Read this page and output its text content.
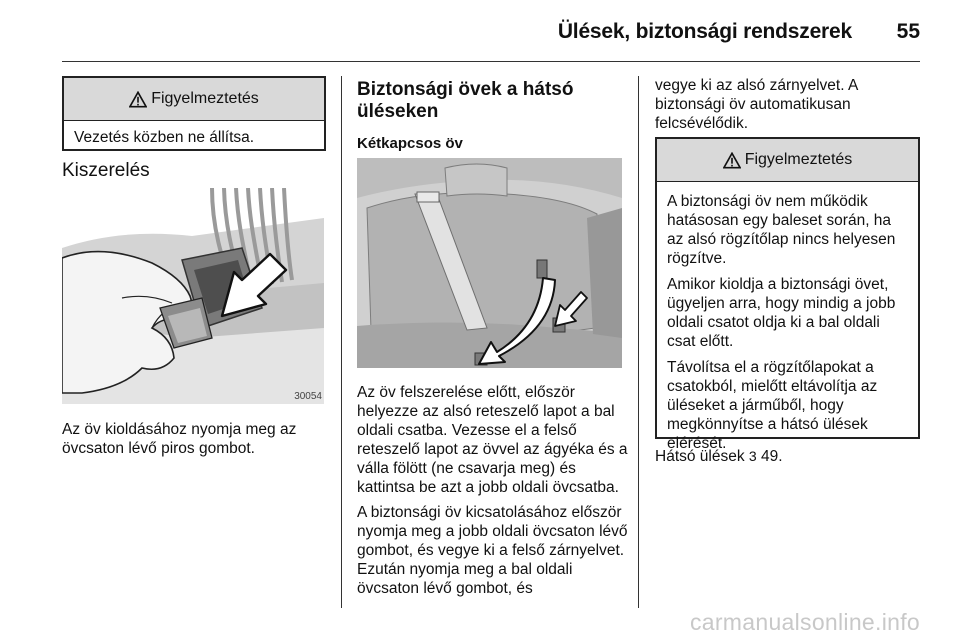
Ülések, biztonsági rendszerek 55
Figyelmeztetés
Vezetés közben ne állítsa.
Kiszerelés
30054
Az öv kioldásához nyomja meg az övcsaton lévő piros gombot.
Biztonsági övek a hátsó üléseken
Kétkapcsos öv

Az öv felszerelése előtt, először helyezze az alsó reteszelő lapot a bal oldali csatba. Vezesse el a felső reteszelő lapot az övvel az ágyéka és a válla fölött (ne csavarja meg) és kattintsa be azt a jobb oldali övcsatba.

A biztonsági öv kicsatolásához először nyomja meg a jobb oldali övcsaton lévő gombot, és vegye ki a felső zárnyelvet. Ezután nyomja meg a bal oldali övcsaton lévő gombot, és

vegye ki az alsó zárnyelvet. A biztonsági öv automatikusan felcsévélődik.
Figyelmeztetés

A biztonsági öv nem működik hatásosan egy baleset során, ha az alsó rögzítőlap nincs helyesen rögzítve.

Amikor kioldja a biztonsági övet, ügyeljen arra, hogy mindig a jobb oldali csatot oldja ki a bal oldali csat előtt.

Távolítsa el a rögzítőlapokat a csatokból, mielőtt eltávolítja az üléseket a járműből, hogy megkönnyítse a hátsó ülések elérését.

Hátsó ülések 3 49.
carmanualsonline.info
